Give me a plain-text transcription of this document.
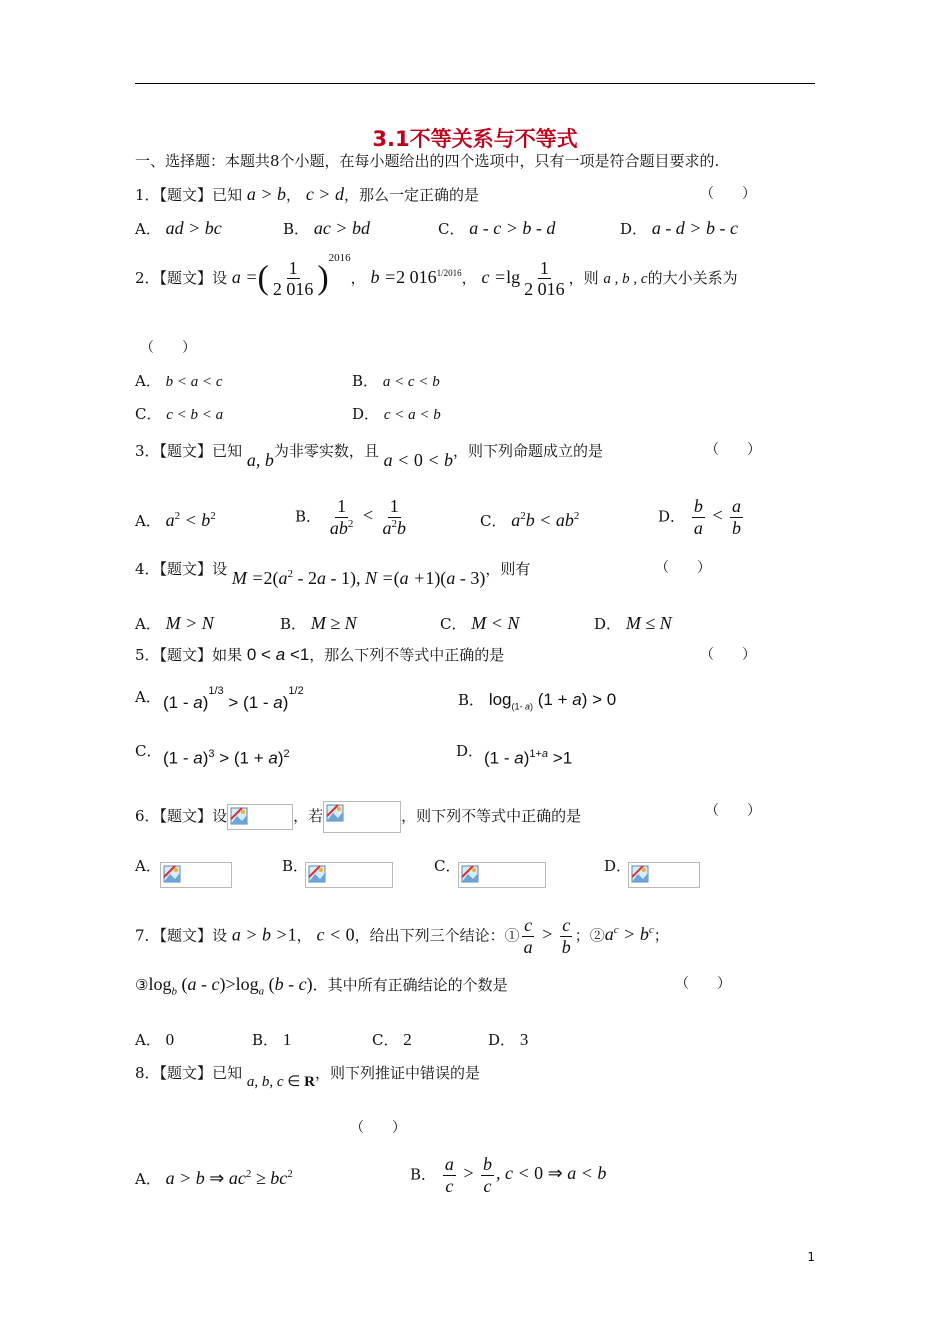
3.1不等关系与不等式
一、选择题：本题共8个小题，在每小题给出的四个选项中，只有一项是符合题目要求的.
1．【题文】已知 a > b， c > d，那么一定正确的是	（　　）
A． ad > bc	B． ac > bd	C． a - c > b - d	D． a - d > b - c
2．【题文】设 a =( $\frac{1}{2 016} )^{2016}$， b =2 $016^{1/2016}$， $c =\lg \frac{1}{2 016}$ ，则 a , b , c的大小关系为
（　　）
A． b < a < c	B． a < c < b
C． c < b < a	D． c < a < b
3．【题文】已知 a, b为非零实数，且 a < 0 < b，则下列命题成立的是	（　　）
A． $a^2 < b^2$	B． $\frac{1}{ab^2} < \frac{1}{a^2b}$	C． $a^2b < ab^2$	D． $\frac{b}{a} < \frac{a}{b}$
4．【题文】设 $M =2(a^2 - 2a - 1)$, N =(a +1)(a - 3)，则有	（　　）
A． M > N	B． M ≥ N	C． M < N	D． M ≤ N
5．【题文】如果 0 < a <1，那么下列不等式中正确的是	（　　）
A． (1 - a)$^{1/3}$ > (1 - a)$^{1/2}$	B． $\log_{(1- a)} (1 + a) > 0$
C． $(1 - a)^3 > (1 + a)^2$	D． (1 - a)$^{1+a}$ >1
6．【题文】设	，若	，则下列不等式中正确的是	（　　）
A．	B．	C．	D．
7．【题文】设 a > b >1， c < 0，给出下列三个结论：① $\frac{c}{a} > \frac{c}{b}$ ；$②a^c > b^c$；
$③\log_b$ $(a - c)>\log_a$ (b - c)．其中所有正确结论的个数是	（　　）
A． 0	B． 1	C． 2	D． 3
8．【题文】已知 a, b, c ∈ R，则下列推证中错误的是
（　　）
A． a > b ⇒ $ac^2 \ge bc^2$	B． $\frac{a}{c} > \frac{b}{c}$ , c < 0 ⇒ a < b
1
